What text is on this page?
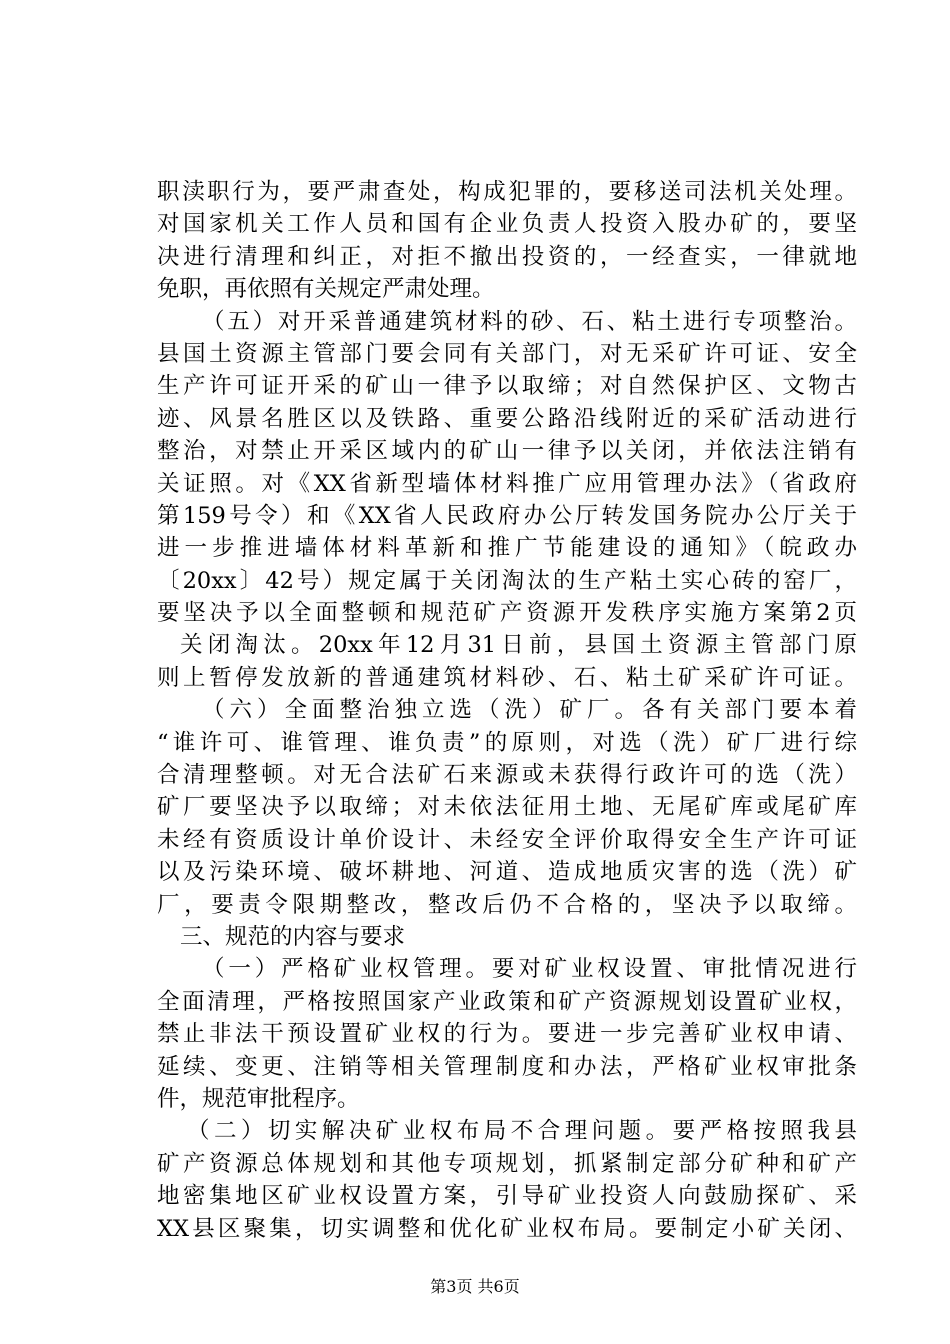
职渎职行为，要严肃查处，构成犯罪的，要移送司法机关处理。
对国家机关工作人员和国有企业负责人投资入股办矿的，要坚
决进行清理和纠正，对拒不撤出投资的，一经查实，一律就地
免职，再依照有关规定严肃处理。
（五）对开采普通建筑材料的砂、石、粘土进行专项整治。
县国土资源主管部门要会同有关部门，对无采矿许可证、安全
生产许可证开采的矿山一律予以取缔；对自然保护区、文物古
迹、风景名胜区以及铁路、重要公路沿线附近的采矿活动进行
整治，对禁止开采区域内的矿山一律予以关闭，并依法注销有
关证照。对《XX省新型墙体材料推广应用管理办法》（省政府
第159号令）和《XX省人民政府办公厅转发国务院办公厅关于
进一步推进墙体材料革新和推广节能建设的通知》（皖政办
〔20xx〕42号）规定属于关闭淘汰的生产粘土实心砖的窑厂，
要坚决予以全面整顿和规范矿产资源开发秩序实施方案第2页
关闭淘汰。20xx年12月31日前，县国土资源主管部门原
则上暂停发放新的普通建筑材料砂、石、粘土矿采矿许可证。
（六）全面整治独立选（洗）矿厂。各有关部门要本着
“谁许可、谁管理、谁负责”的原则，对选（洗）矿厂进行综
合清理整顿。对无合法矿石来源或未获得行政许可的选（洗）
矿厂要坚决予以取缔；对未依法征用土地、无尾矿库或尾矿库
未经有资质设计单价设计、未经安全评价取得安全生产许可证
以及污染环境、破坏耕地、河道、造成地质灾害的选（洗）矿
厂，要责令限期整改，整改后仍不合格的，坚决予以取缔。
三、规范的内容与要求
（一）严格矿业权管理。要对矿业权设置、审批情况进行
全面清理，严格按照国家产业政策和矿产资源规划设置矿业权，
禁止非法干预设置矿业权的行为。要进一步完善矿业权申请、
延续、变更、注销等相关管理制度和办法，严格矿业权审批条
件，规范审批程序。
（二）切实解决矿业权布局不合理问题。要严格按照我县
矿产资源总体规划和其他专项规划，抓紧制定部分矿种和矿产
地密集地区矿业权设置方案，引导矿业投资人向鼓励探矿、采
XX县区聚集，切实调整和优化矿业权布局。要制定小矿关闭、
第3页 共6页
